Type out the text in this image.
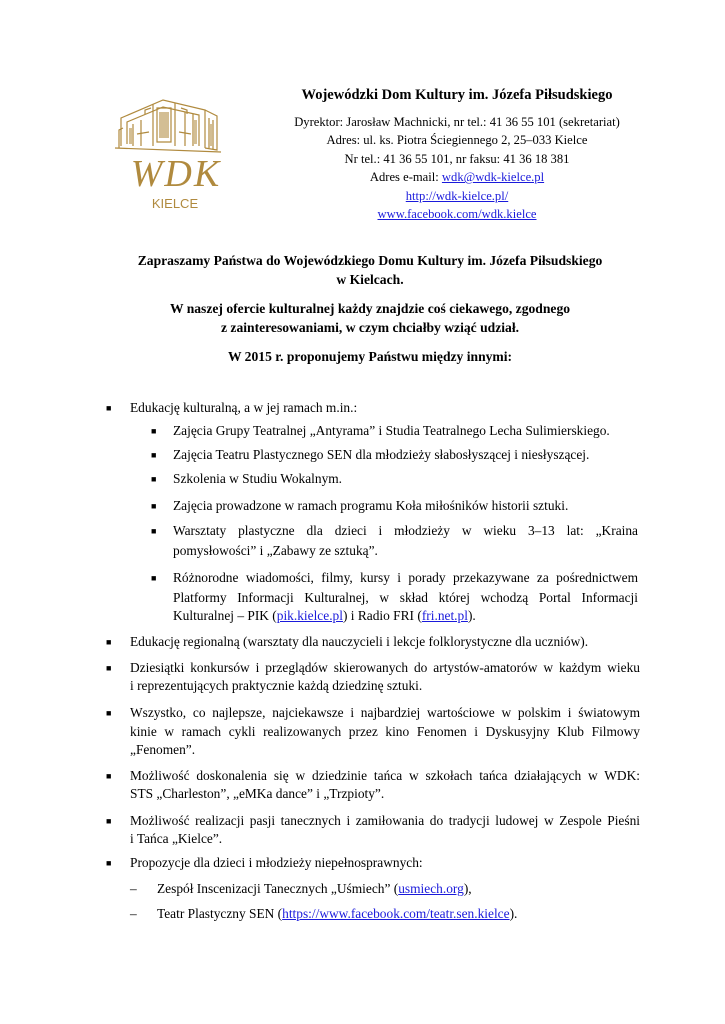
WDK
KIELCE
Wojewódzki Dom Kultury im. Józefa Piłsudskiego
Dyrektor: Jarosław Machnicki, nr tel.: 41 36 55 101 (sekretariat)
Adres: ul. ks. Piotra Ściegiennego 2, 25–033 Kielce
Nr tel.: 41 36 55 101, nr faksu: 41 36 18 381
Adres e-mail: wdk@wdk-kielce.pl
http://wdk-kielce.pl/
www.facebook.com/wdk.kielce

Zapraszamy Państwa do Wojewódzkiego Domu Kultury im. Józefa Piłsudskiego
w Kielcach.

W naszej ofercie kulturalnej każdy znajdzie coś ciekawego, zgodnego
z zainteresowaniami, w czym chciałby wziąć udział.

W 2015 r. proponujemy Państwu między innymi:

■ Edukację kulturalną, a w jej ramach m.in.:
■ Zajęcia Grupy Teatralnej „Antyrama” i Studia Teatralnego Lecha Sulimierskiego.
■ Zajęcia Teatru Plastycznego SEN dla młodzieży słabosłyszącej i niesłyszącej.
■ Szkolenia w Studiu Wokalnym.
■ Zajęcia prowadzone w ramach programu Koła miłośników historii sztuki.
■ Warsztaty plastyczne dla dzieci i młodzieży w wieku 3–13 lat: „Kraina
pomysłowości” i „Zabawy ze sztuką”.
■ Różnorodne wiadomości, filmy, kursy i porady przekazywane za pośrednictwem
Platformy Informacji Kulturalnej, w skład której wchodzą Portal Informacji
Kulturalnej – PIK (pik.kielce.pl) i Radio FRI (fri.net.pl).
■ Edukację regionalną (warsztaty dla nauczycieli i lekcje folklorystyczne dla uczniów).
■ Dziesiątki konkursów i przeglądów skierowanych do artystów-amatorów w każdym wieku
i reprezentujących praktycznie każdą dziedzinę sztuki.
■ Wszystko, co najlepsze, najciekawsze i najbardziej wartościowe w polskim i światowym
kinie w ramach cykli realizowanych przez kino Fenomen i Dyskusyjny Klub Filmowy
„Fenomen”.
■ Możliwość doskonalenia się w dziedzinie tańca w szkołach tańca działających w WDK:
STS „Charleston”, „eMKa dance” i „Trzpioty”.
■ Możliwość realizacji pasji tanecznych i zamiłowania do tradycji ludowej w Zespole Pieśni
i Tańca „Kielce”.
■ Propozycje dla dzieci i młodzieży niepełnosprawnych:
– Zespół Inscenizacji Tanecznych „Uśmiech” (usmiech.org),
– Teatr Plastyczny SEN (https://www.facebook.com/teatr.sen.kielce).
